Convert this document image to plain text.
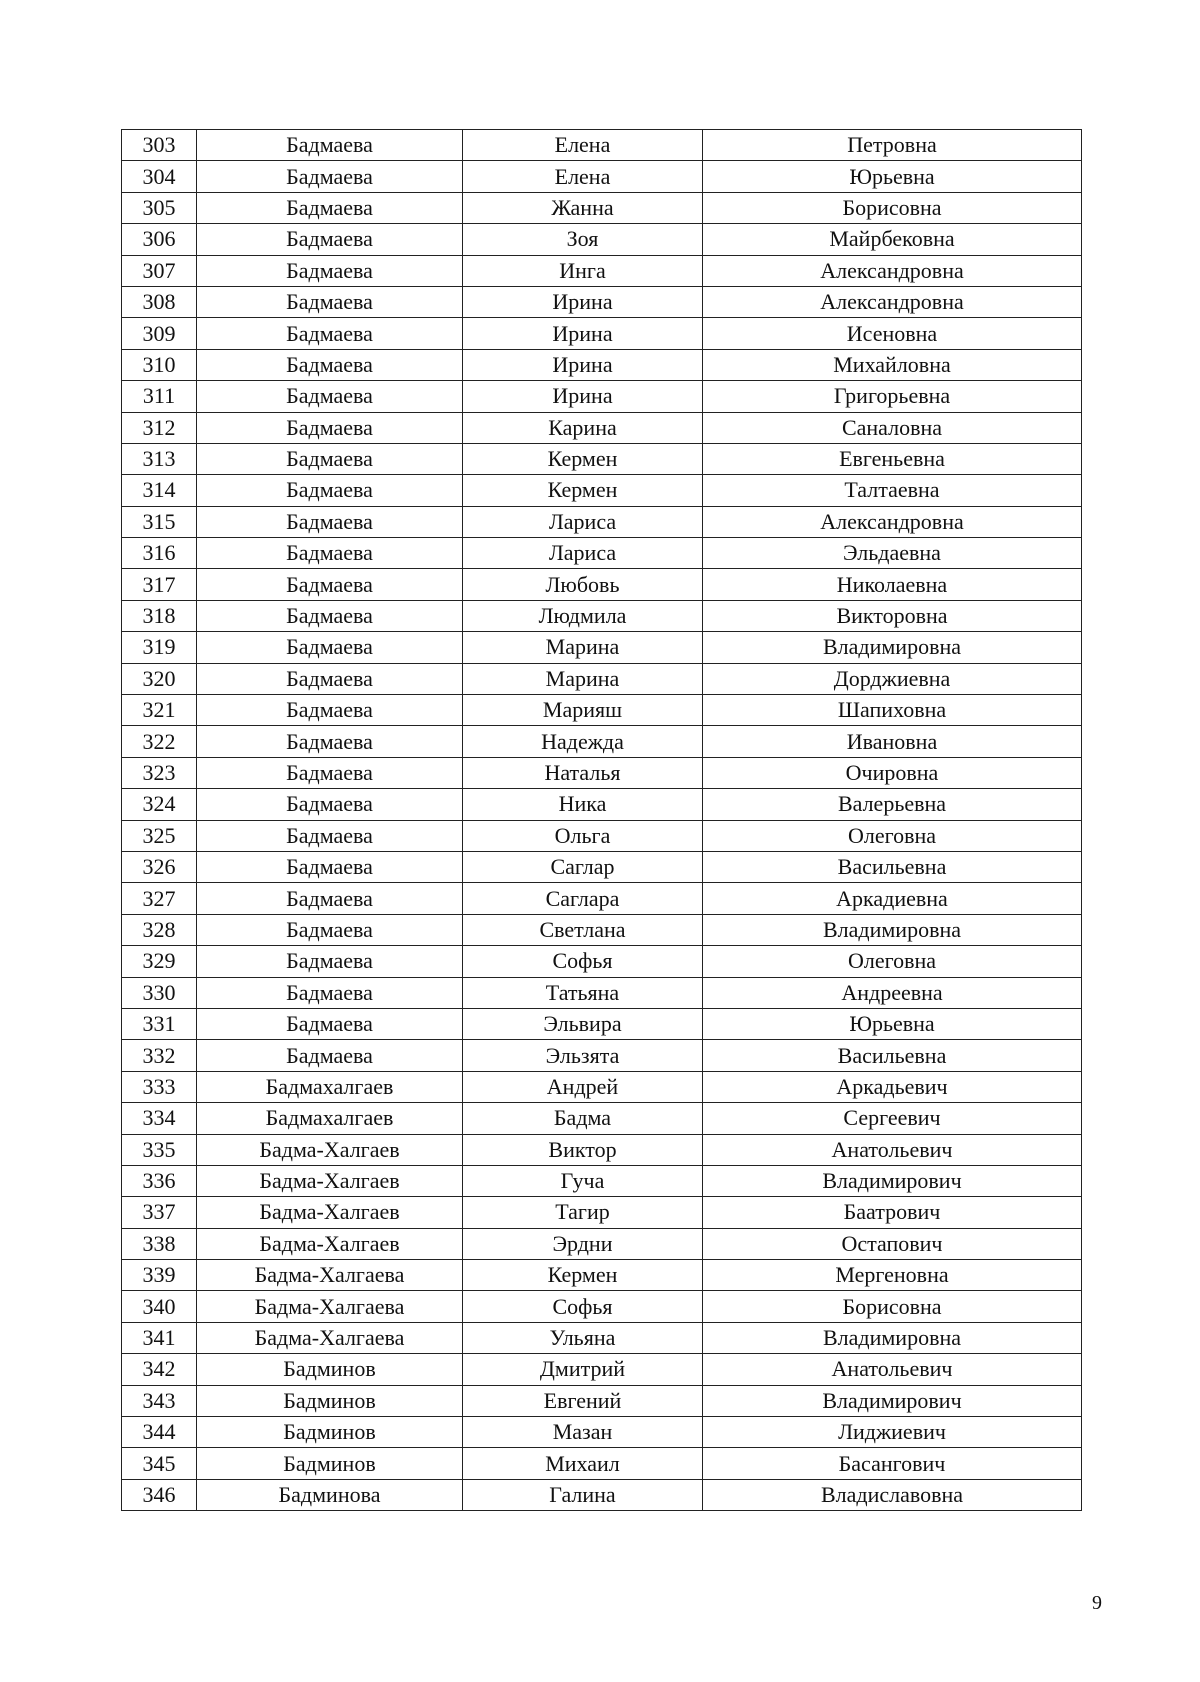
303	Бадмаева	Елена	Петровна
304	Бадмаева	Елена	Юрьевна
305	Бадмаева	Жанна	Борисовна
306	Бадмаева	Зоя	Майрбековна
307	Бадмаева	Инга	Александровна
308	Бадмаева	Ирина	Александровна
309	Бадмаева	Ирина	Исеновна
310	Бадмаева	Ирина	Михайловна
311	Бадмаева	Ирина	Григорьевна
312	Бадмаева	Карина	Саналовна
313	Бадмаева	Кермен	Евгеньевна
314	Бадмаева	Кермен	Талтаевна
315	Бадмаева	Лариса	Александровна
316	Бадмаева	Лариса	Эльдаевна
317	Бадмаева	Любовь	Николаевна
318	Бадмаева	Людмила	Викторовна
319	Бадмаева	Марина	Владимировна
320	Бадмаева	Марина	Дорджиевна
321	Бадмаева	Марияш	Шапиховна
322	Бадмаева	Надежда	Ивановна
323	Бадмаева	Наталья	Очировна
324	Бадмаева	Ника	Валерьевна
325	Бадмаева	Ольга	Олеговна
326	Бадмаева	Саглар	Васильевна
327	Бадмаева	Саглара	Аркадиевна
328	Бадмаева	Светлана	Владимировна
329	Бадмаева	Софья	Олеговна
330	Бадмаева	Татьяна	Андреевна
331	Бадмаева	Эльвира	Юрьевна
332	Бадмаева	Эльзята	Васильевна
333	Бадмахалгаев	Андрей	Аркадьевич
334	Бадмахалгаев	Бадма	Сергеевич
335	Бадма-Халгаев	Виктор	Анатольевич
336	Бадма-Халгаев	Гуча	Владимирович
337	Бадма-Халгаев	Тагир	Баатрович
338	Бадма-Халгаев	Эрдни	Остапович
339	Бадма-Халгаева	Кермен	Мергеновна
340	Бадма-Халгаева	Софья	Борисовна
341	Бадма-Халгаева	Ульяна	Владимировна
342	Бадминов	Дмитрий	Анатольевич
343	Бадминов	Евгений	Владимирович
344	Бадминов	Мазан	Лиджиевич
345	Бадминов	Михаил	Басангович
346	Бадминова	Галина	Владиславовна
9
